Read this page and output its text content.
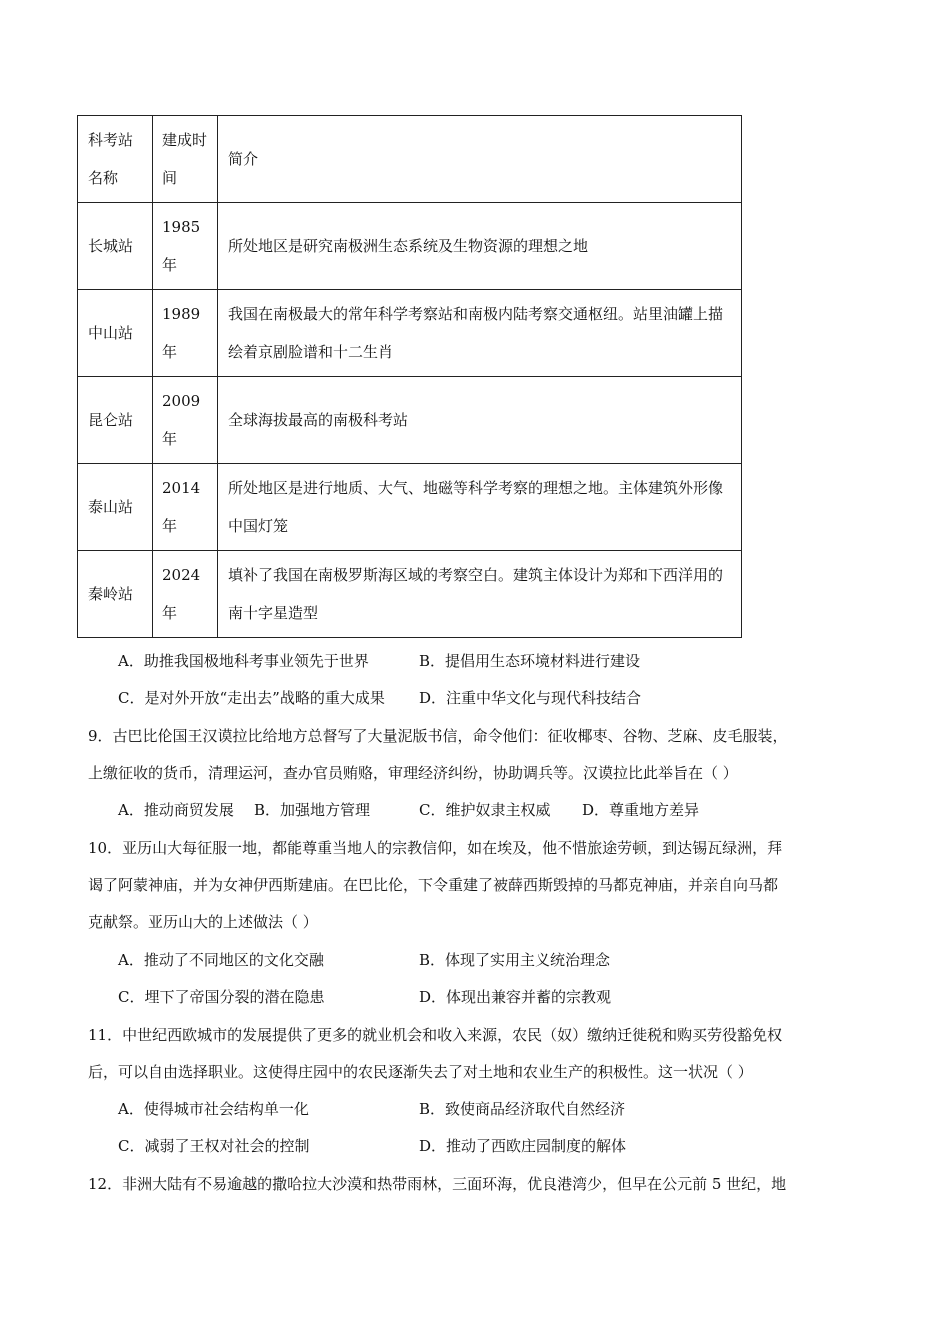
科考站名称	建成时间	简介
长城站	1985年	所处地区是研究南极洲生态系统及生物资源的理想之地
中山站	1989年	我国在南极最大的常年科学考察站和南极内陆考察交通枢纽。站里油罐上描绘着京剧脸谱和十二生肖
昆仑站	2009年	全球海拔最高的南极科考站
泰山站	2014年	所处地区是进行地质、大气、地磁等科学考察的理想之地。主体建筑外形像中国灯笼
秦岭站	2024年	填补了我国在南极罗斯海区域的考察空白。建筑主体设计为郑和下西洋用的南十字星造型
A．助推我国极地科考事业领先于世界	B．提倡用生态环境材料进行建设
C．是对外开放“走出去”战略的重大成果 D．注重中华文化与现代科技结合
9．古巴比伦国王汉谟拉比给地方总督写了大量泥版书信，命令他们：征收椰枣、谷物、芝麻、皮毛服装，
上缴征收的货币，清理运河，查办官员贿赂，审理经济纠纷，协助调兵等。汉谟拉比此举旨在（ ）
A．推动商贸发展 B．加强地方管理	C．维护奴隶主权威 D．尊重地方差异
10．亚历山大每征服一地，都能尊重当地人的宗教信仰，如在埃及，他不惜旅途劳顿，到达锡瓦绿洲，拜
谒了阿蒙神庙，并为女神伊西斯建庙。在巴比伦，下令重建了被薛西斯毁掉的马都克神庙，并亲自向马都
克献祭。亚历山大的上述做法（ ）
A．推动了不同地区的文化交融	B．体现了实用主义统治理念
C．埋下了帝国分裂的潜在隐患	D．体现出兼容并蓄的宗教观
11．中世纪西欧城市的发展提供了更多的就业机会和收入来源，农民（奴）缴纳迁徙税和购买劳役豁免权
后，可以自由选择职业。这使得庄园中的农民逐渐失去了对土地和农业生产的积极性。这一状况（ ）
A．使得城市社会结构单一化	B．致使商品经济取代自然经济
C．减弱了王权对社会的控制	D．推动了西欧庄园制度的解体
12．非洲大陆有不易逾越的撒哈拉大沙漠和热带雨林，三面环海，优良港湾少，但早在公元前 5 世纪，地
